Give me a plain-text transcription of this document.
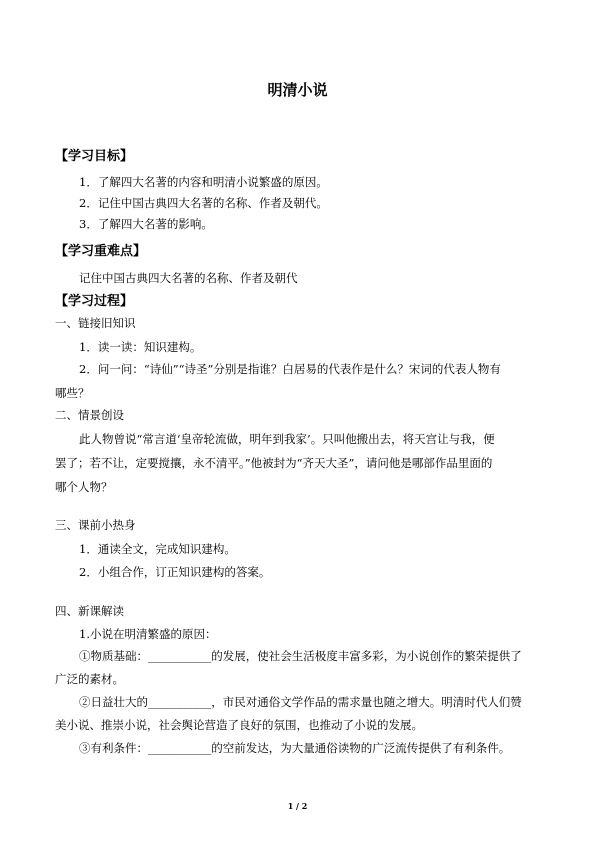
明清小说
【学习目标】
1．了解四大名著的内容和明清小说繁盛的原因。
2．记住中国古典四大名著的名称、作者及朝代。
3．了解四大名著的影响。
【学习重难点】
记住中国古典四大名著的名称、作者及朝代
【学习过程】
一、链接旧知识
1．读一读：知识建构。
2．问一问：“诗仙”“诗圣”分别是指谁？白居易的代表作是什么？宋词的代表人物有
哪些？
二、情景创设
此人物曾说“常言道‘皇帝轮流做，明年到我家’。只叫他搬出去，将天宫让与我，便
罢了；若不让，定要搅攘，永不清平。”他被封为“齐天大圣”，请问他是哪部作品里面的
哪个人物？
三、课前小热身
1．通读全文，完成知识建构。
2．小组合作，订正知识建构的答案。
四、新课解读
1.小说在明清繁盛的原因：
①物质基础：___________的发展，使社会生活极度丰富多彩，为小说创作的繁荣提供了
广泛的素材。
②日益壮大的___________，市民对通俗文学作品的需求量也随之增大。明清时代人们赞
美小说、推崇小说，社会舆论营造了良好的氛围，也推动了小说的发展。
③有利条件：___________的空前发达，为大量通俗读物的广泛流传提供了有利条件。
1 / 2
